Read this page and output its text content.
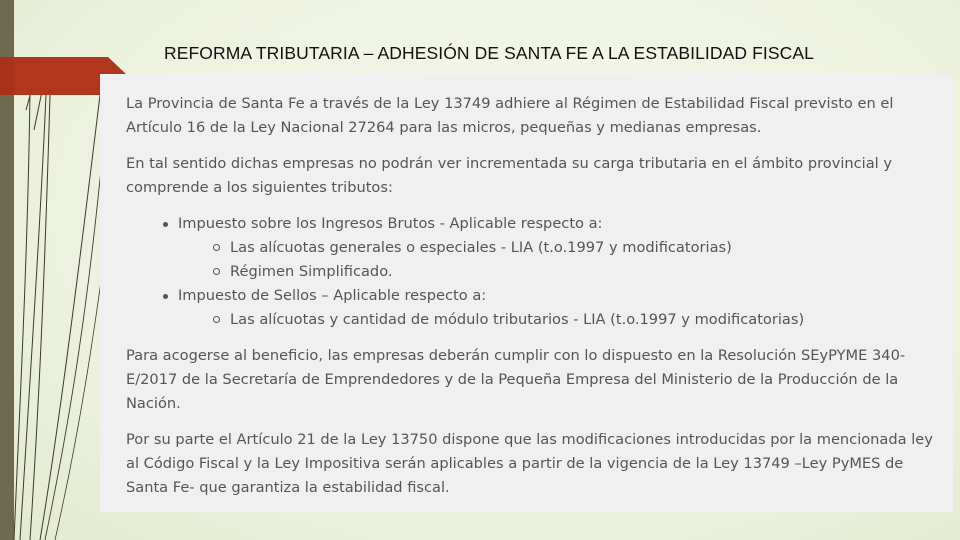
REFORMA TRIBUTARIA – ADHESIÓN DE SANTA FE A LA ESTABILIDAD FISCAL

La Provincia de Santa Fe a través de la Ley 13749 adhiere al Régimen de Estabilidad Fiscal previsto en el Artículo 16 de la Ley Nacional 27264 para las micros, pequeñas y medianas empresas.

En tal sentido dichas empresas no podrán ver incrementada su carga tributaria en el ámbito provincial y comprende a los siguientes tributos:

Impuesto sobre los Ingresos Brutos - Aplicable respecto a:
Las alícuotas generales o especiales - LIA (t.o.1997 y modificatorias)
Régimen Simplificado.
Impuesto de Sellos – Aplicable respecto a:
Las alícuotas y cantidad de módulo tributarios - LIA (t.o.1997 y modificatorias)

Para acogerse al beneficio, las empresas deberán cumplir con lo dispuesto en la Resolución SEyPYME 340-E/2017 de la Secretaría de Emprendedores y de la Pequeña Empresa del Ministerio de la Producción de la Nación.

Por su parte el Artículo 21 de la Ley 13750 dispone que las modificaciones introducidas por la mencionada ley al Código Fiscal y la Ley Impositiva serán aplicables a partir de la vigencia de la Ley 13749 –Ley PyMES de Santa Fe- que garantiza la estabilidad fiscal.
